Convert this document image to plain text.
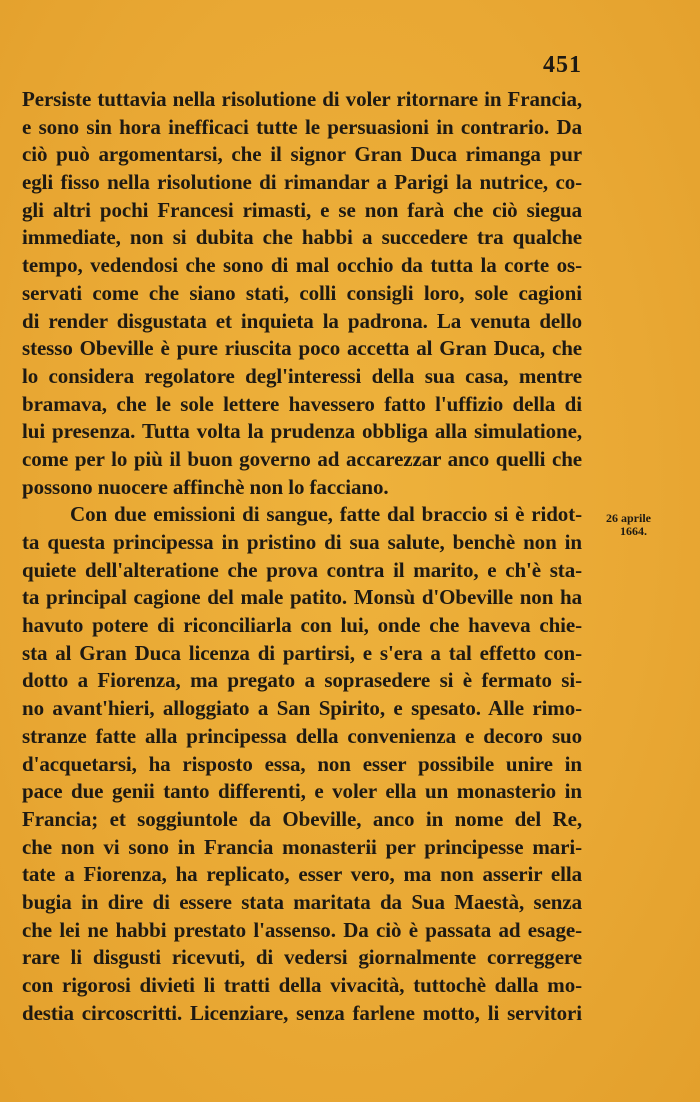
451
26 aprile
1664.
Persiste tuttavia nella risolutione di voler ritornare in Francia,
e sono sin hora inefficaci tutte le persuasioni in contrario. Da
ciò può argomentarsi, che il signor Gran Duca rimanga pur
egli fisso nella risolutione di rimandar a Parigi la nutrice, co-
gli altri pochi Francesi rimasti, e se non farà che ciò siegua
immediate, non si dubita che habbi a succedere tra qualche
tempo, vedendosi che sono di mal occhio da tutta la corte os-
servati come che siano stati, colli consigli loro, sole cagioni
di render disgustata et inquieta la padrona. La venuta dello
stesso Obeville è pure riuscita poco accetta al Gran Duca, che
lo considera regolatore degl'interessi della sua casa, mentre
bramava, che le sole lettere havessero fatto l'uffizio della di
lui presenza. Tutta volta la prudenza obbliga alla simulatione,
come per lo più il buon governo ad accarezzar anco quelli che
possono nuocere affinchè non lo facciano.
Con due emissioni di sangue, fatte dal braccio si è ridot-
ta questa principessa in pristino di sua salute, benchè non in
quiete dell'alteratione che prova contra il marito, e ch'è sta-
ta principal cagione del male patito. Monsù d'Obeville non ha
havuto potere di riconciliarla con lui, onde che haveva chie-
sta al Gran Duca licenza di partirsi, e s'era a tal effetto con-
dotto a Fiorenza, ma pregato a soprasedere si è fermato si-
no avant'hieri, alloggiato a San Spirito, e spesato. Alle rimo-
stranze fatte alla principessa della convenienza e decoro suo
d'acquetarsi, ha risposto essa, non esser possibile unire in
pace due genii tanto differenti, e voler ella un monasterio in
Francia; et soggiuntole da Obeville, anco in nome del Re,
che non vi sono in Francia monasterii per principesse mari-
tate a Fiorenza, ha replicato, esser vero, ma non asserir ella
bugia in dire di essere stata maritata da Sua Maestà, senza
che lei ne habbi prestato l'assenso. Da ciò è passata ad esage-
rare li disgusti ricevuti, di vedersi giornalmente correggere
con rigorosi divieti li tratti della vivacità, tuttochè dalla mo-
destia circoscritti. Licenziare, senza farlene motto, li servitori
